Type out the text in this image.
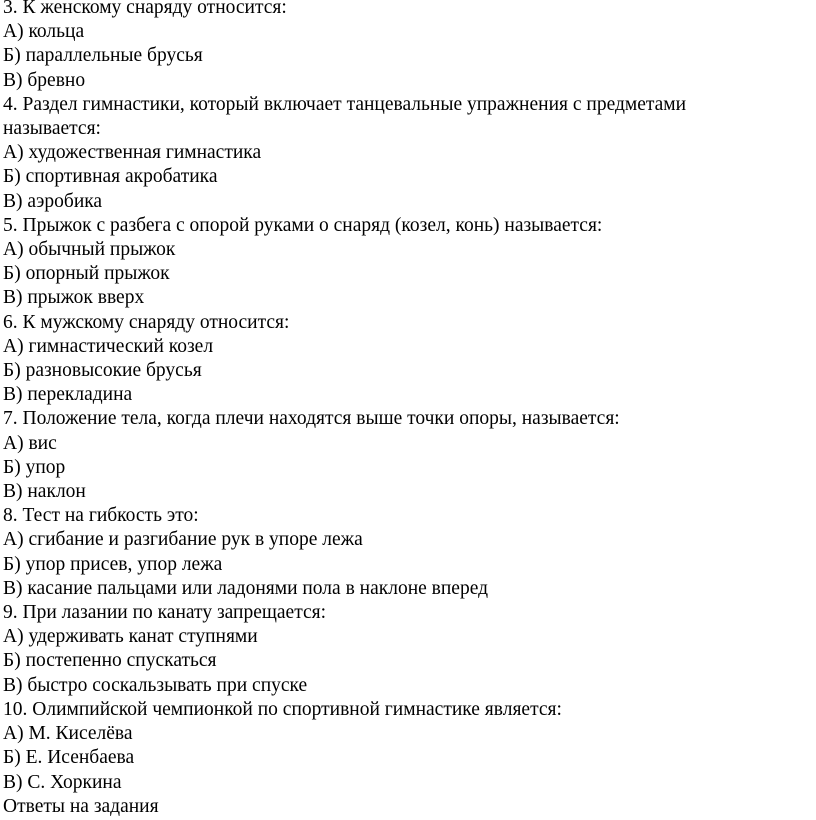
3. К женскому снаряду относится:
А) кольца
Б) параллельные брусья
В) бревно
4. Раздел гимнастики, который включает танцевальные упражнения с предметами
называется:
А) художественная гимнастика
Б) спортивная акробатика
В) аэробика
5. Прыжок с разбега с опорой руками о снаряд (козел, конь) называется:
А) обычный прыжок
Б) опорный прыжок
В) прыжок вверх
6. К мужскому снаряду относится:
А) гимнастический козел
Б) разновысокие брусья
В) перекладина
7. Положение тела, когда плечи находятся выше точки опоры, называется:
А) вис
Б) упор
В) наклон
8. Тест на гибкость это:
А) сгибание и разгибание рук в упоре лежа
Б) упор присев, упор лежа
В) касание пальцами или ладонями пола в наклоне вперед
9. При лазании по канату запрещается:
А) удерживать канат ступнями
Б) постепенно спускаться
В) быстро соскальзывать при спуске
10. Олимпийской чемпионкой по спортивной гимнастике является:
А) М. Киселёва
Б) Е. Исенбаева
В) С. Хоркина
Ответы на задания
